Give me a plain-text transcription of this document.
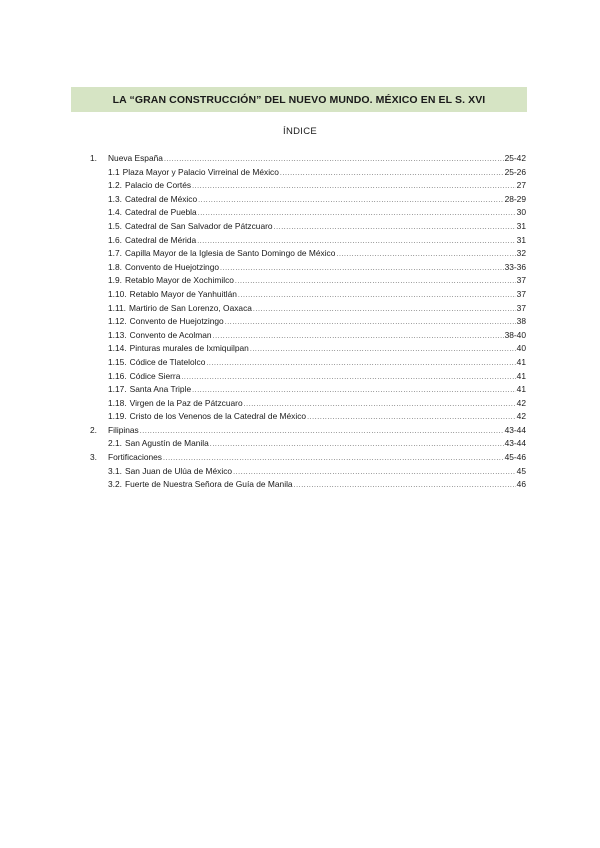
LA “GRAN CONSTRUCCIÓN” DEL NUEVO MUNDO. MÉXICO EN EL S. XVI
ÍNDICE
1.	Nueva España .....	25-42
1.1 Plaza Mayor y Palacio Virreinal de México .....	25-26
1.2. Palacio de Cortés .....	27
1.3. Catedral de México .....	28-29
1.4. Catedral de Puebla .....	30
1.5. Catedral de San Salvador de Pátzcuaro .....	31
1.6. Catedral de Mérida .....	31
1.7. Capilla Mayor de la Iglesia de Santo Domingo de México .....	32
1.8. Convento de Huejotzingo .....	33-36
1.9. Retablo Mayor de Xochimilco .....	37
1.10. Retablo Mayor de Yanhuitlán .....	37
1.11. Martirio de San Lorenzo, Oaxaca .....	37
1.12. Convento de Huejotzingo .....	38
1.13. Convento de Acolman .....	38-40
1.14. Pinturas murales de Ixmiquilpan .....	40
1.15. Códice de Tlatelolco .....	41
1.16. Códice Sierra .....	41
1.17. Santa Ana Triple .....	41
1.18. Virgen de la Paz de Pátzcuaro .....	42
1.19. Cristo de los Venenos de la Catedral de México .....	42
2.	Filipinas .....	43-44
2.1. San Agustín de Manila .....	43-44
3.	Fortificaciones .....	45-46
3.1. San Juan de Ulúa de México .....	45
3.2. Fuerte de Nuestra Señora de Guía de Manila .....	46
